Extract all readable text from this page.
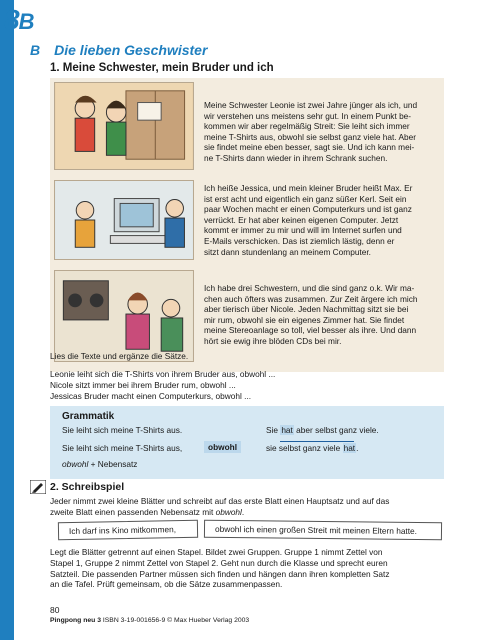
8B
B Die lieben Geschwister
1. Meine Schwester, mein Bruder und ich
Meine Schwester Leonie ist zwei Jahre jünger als ich, und
wir verstehen uns meistens sehr gut. In einem Punkt be-
kommen wir aber regelmäßig Streit: Sie leiht sich immer
meine T-Shirts aus, obwohl sie selbst ganz viele hat. Aber
sie findet meine eben besser, sagt sie. Und ich kann mei-
ne T-Shirts dann wieder in ihrem Schrank suchen.
Ich heiße Jessica, und mein kleiner Bruder heißt Max. Er
ist erst acht und eigentlich ein ganz süßer Kerl. Seit ein
paar Wochen macht er einen Computerkurs und ist ganz
verrückt. Er hat aber keinen eigenen Computer. Jetzt
kommt er immer zu mir und will im Internet surfen und
E-Mails verschicken. Das ist ziemlich lästig, denn er
sitzt dann stundenlang an meinem Computer.
Ich habe drei Schwestern, und die sind ganz o.k. Wir ma-
chen auch öfters was zusammen. Zur Zeit ärgere ich mich
aber tierisch über Nicole. Jeden Nachmittag sitzt sie bei
mir rum, obwohl sie ein eigenes Zimmer hat. Sie findet
meine Stereoanlage so toll, viel besser als ihre. Und dann
hört sie ewig ihre blöden CDs bei mir.
Lies die Texte und ergänze die Sätze.
Leonie leiht sich die T-Shirts von ihrem Bruder aus, obwohl ...
Nicole sitzt immer bei ihrem Bruder rum, obwohl ...
Jessicas Bruder macht einen Computerkurs, obwohl ...
Grammatik
Sie leiht sich meine T-Shirts aus.
Sie leiht sich meine T-Shirts aus,	obwohl
Sie hat aber selbst ganz viele.
sie selbst ganz viele hat.
obwohl + Nebensatz
2. Schreibspiel
Jeder nimmt zwei kleine Blätter und schreibt auf das erste Blatt einen Hauptsatz und auf das
zweite Blatt einen passenden Nebensatz mit obwohl.
Ich darf ins Kino mitkommen,	obwohl ich einen großen Streit mit meinen Eltern hatte.
Legt die Blätter getrennt auf einen Stapel. Bildet zwei Gruppen. Gruppe 1 nimmt Zettel von
Stapel 1, Gruppe 2 nimmt Zettel von Stapel 2. Geht nun durch die Klasse und sprecht euren
Satzteil. Die passenden Partner müssen sich finden und hängen dann ihren kompletten Satz
an die Tafel. Prüft gemeinsam, ob die Sätze zusammenpassen.
80
Pingpong neu 3 ISBN 3-19-001656-9 © Max Hueber Verlag 2003
